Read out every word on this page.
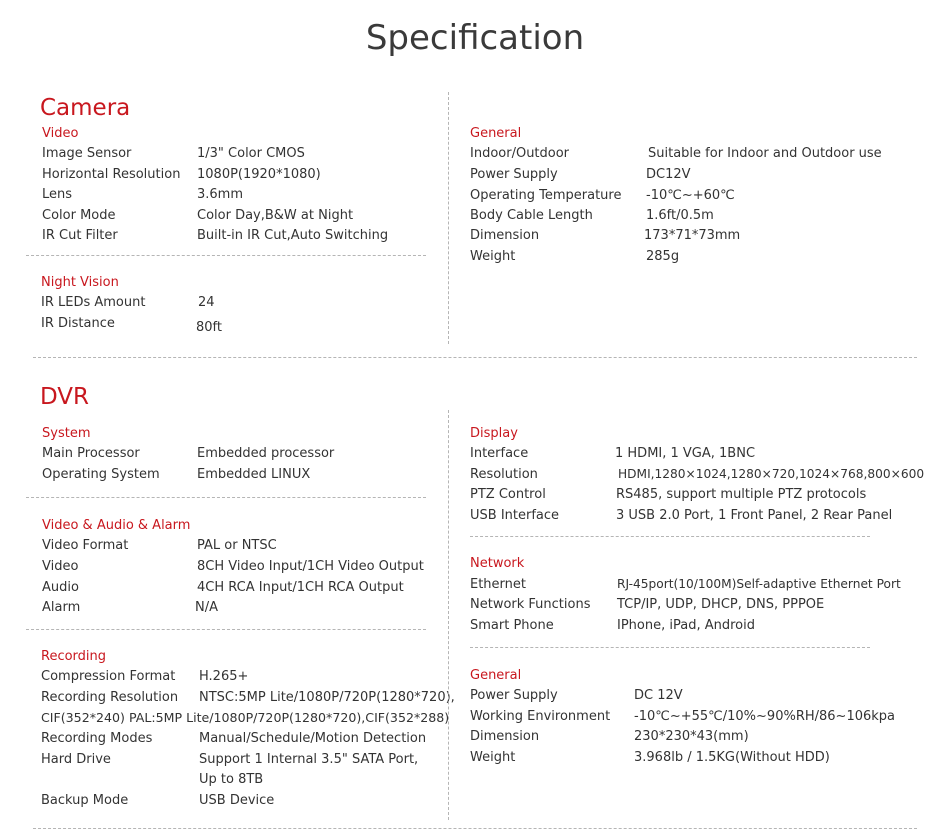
Specification
Camera
Video
Image Sensor	1/3" Color CMOS
Horizontal Resolution 1080P(1920*1080)
Lens	3.6mm
Color Mode	Color Day,B&W at Night
IR Cut Filter	Built-in IR Cut,Auto Switching
Night Vision
IR LEDs Amount	24
IR Distance	80ft
General
Indoor/Outdoor	Suitable for Indoor and Outdoor use
Power Supply	DC12V
Operating Temperature -10℃~+60℃
Body Cable Length	1.6ft/0.5m
Dimension	173*71*73mm
Weight	285g
DVR
System
Main Processor	Embedded processor
Operating System	Embedded LINUX
Video & Audio & Alarm
Video Format	PAL or NTSC
Video	8CH Video Input/1CH Video Output
Audio	4CH RCA Input/1CH RCA Output
Alarm	N/A
Recording
Compression Format H.265+
Recording Resolution NTSC:5MP Lite/1080P/720P(1280*720),
CIF(352*240) PAL:5MP Lite/1080P/720P(1280*720),CIF(352*288)
Recording Modes	Manual/Schedule/Motion Detection
Hard Drive	Support 1 Internal 3.5" SATA Port,
Up to 8TB
Backup Mode	USB Device
Display
Interface	1 HDMI, 1 VGA, 1BNC
Resolution	HDMI,1280×1024,1280×720,1024×768,800×600
PTZ Control	RS485, support multiple PTZ protocols
USB Interface	3 USB 2.0 Port, 1 Front Panel, 2 Rear Panel
Network
Ethernet	RJ-45port(10/100M)Self-adaptive Ethernet Port
Network Functions TCP/IP, UDP, DHCP, DNS, PPPOE
Smart Phone	IPhone, iPad, Android
General
Power Supply	DC 12V
Working Environment -10℃~+55℃/10%~90%RH/86~106kpa
Dimension	230*230*43(mm)
Weight	3.968lb / 1.5KG(Without HDD)
